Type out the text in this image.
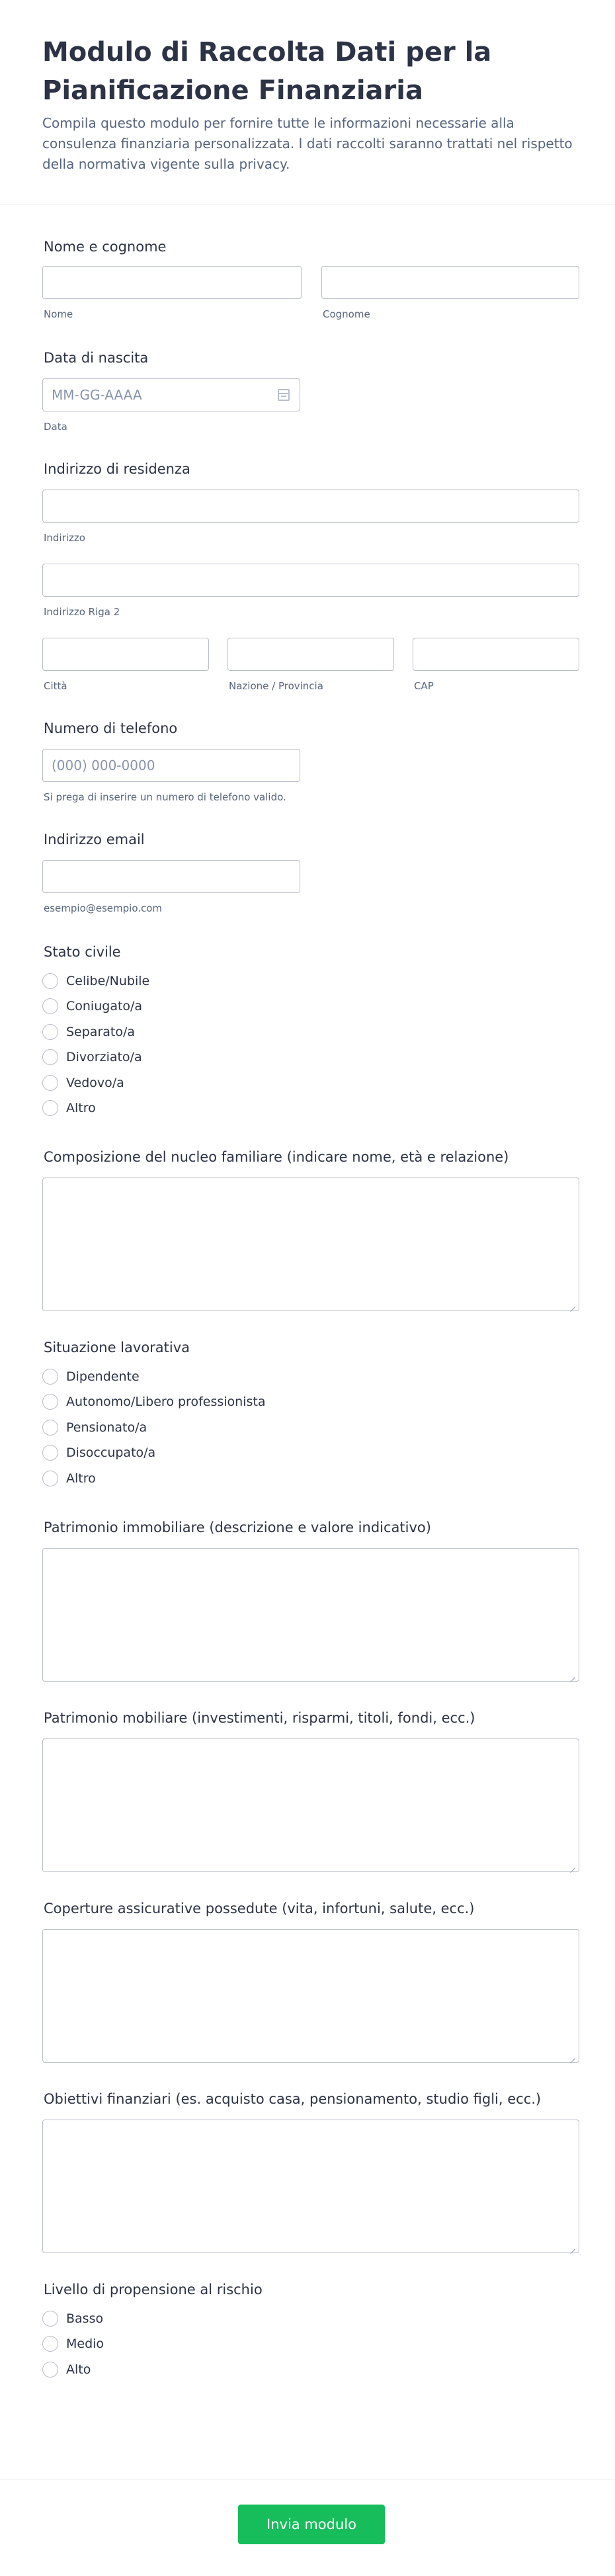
Modulo di Raccolta Dati per la Pianificazione Finanziaria

Compila questo modulo per fornire tutte le informazioni necessarie alla consulenza finanziaria personalizzata. I dati raccolti saranno trattati nel rispetto della normativa vigente sulla privacy.

Nome e cognome
Nome	Cognome
Data di nascita
MM-GG-AAAA
Data
Indirizzo di residenza
Indirizzo
Indirizzo Riga 2
Città	Nazione / Provincia	CAP
Numero di telefono
(000) 000-0000
Si prega di inserire un numero di telefono valido.
Indirizzo email
esempio@esempio.com
Stato civile
Celibe/Nubile
Coniugato/a
Separato/a
Divorziato/a
Vedovo/a
Altro
Composizione del nucleo familiare (indicare nome, età e relazione)
Situazione lavorativa
Dipendente
Autonomo/Libero professionista
Pensionato/a
Disoccupato/a
Altro
Patrimonio immobiliare (descrizione e valore indicativo)
Patrimonio mobiliare (investimenti, risparmi, titoli, fondi, ecc.)
Coperture assicurative possedute (vita, infortuni, salute, ecc.)
Obiettivi finanziari (es. acquisto casa, pensionamento, studio figli, ecc.)
Livello di propensione al rischio
Basso
Medio
Alto
Invia modulo
